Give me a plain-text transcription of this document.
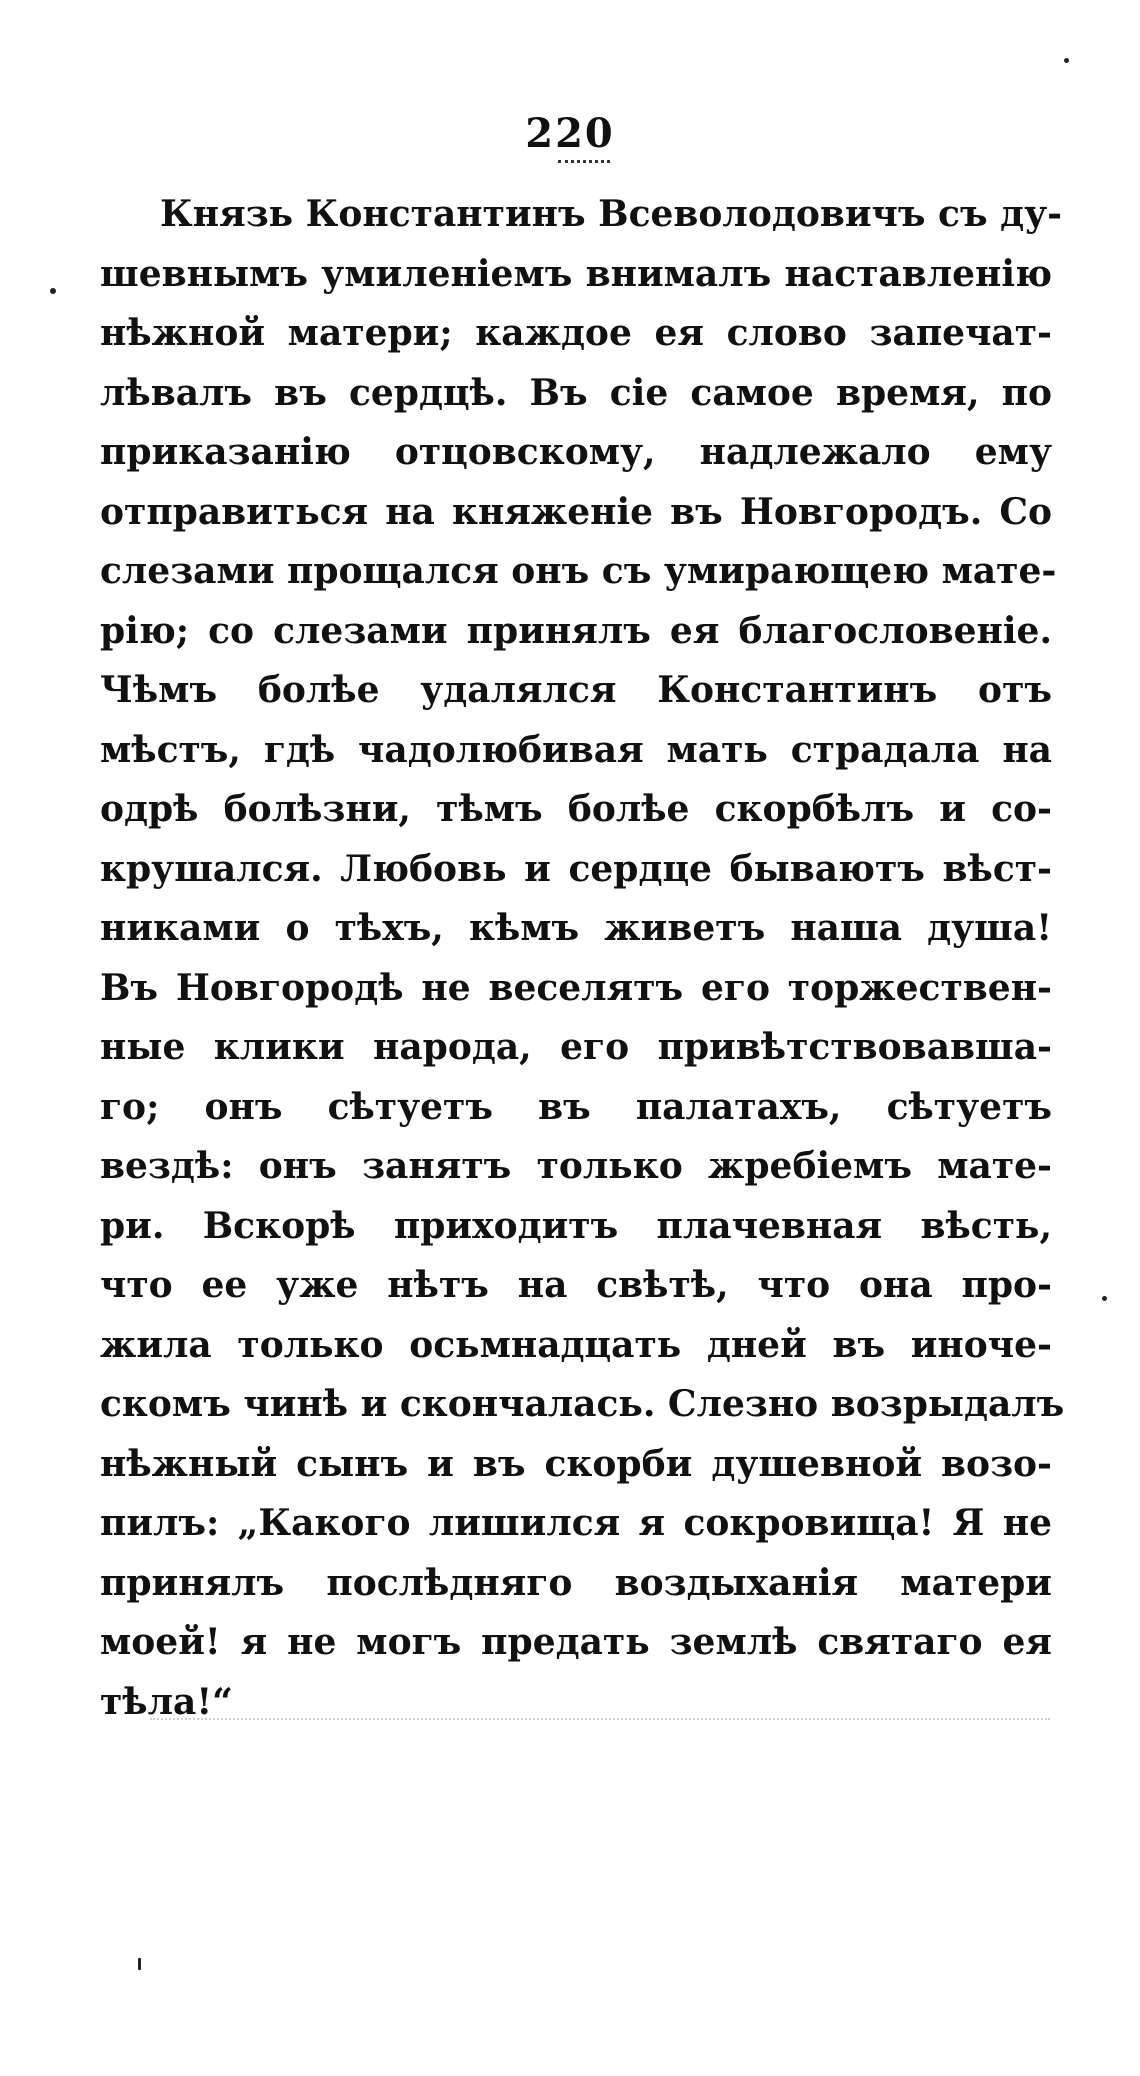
220
Князь Константинъ Всеволодовичъ съ ду-
шевнымъ умиленіемъ внималъ наставленію
нѣжной матери; каждое ея слово запечат-
лѣвалъ въ сердцѣ. Въ сіе самое время, по
приказанію отцовскому, надлежало ему
отправиться на княженіе въ Новгородъ. Со
слезами прощался онъ съ умирающею мате-
рію; со слезами принялъ ея благословеніе.
Чѣмъ болѣе удалялся Константинъ отъ
мѣстъ, гдѣ чадолюбивая мать страдала на
одрѣ болѣзни, тѣмъ болѣе скорбѣлъ и со-
крушался. Любовь и сердце бываютъ вѣст-
никами о тѣхъ, кѣмъ живетъ наша душа!
Въ Новгородѣ не веселятъ его торжествен-
ные клики народа, его привѣтствовавша-
го; онъ сѣтуетъ въ палатахъ, сѣтуетъ
вездѣ: онъ занятъ только жребіемъ мате-
ри. Вскорѣ приходитъ плачевная вѣсть,
что ее уже нѣтъ на свѣтѣ, что она про-
жила только осьмнадцать дней въ иноче-
скомъ чинѣ и скончалась. Слезно возрыдалъ
нѣжный сынъ и въ скорби душевной возо-
пилъ: „Какого лишился я сокровища! Я не
принялъ послѣдняго воздыханія матери
моей! я не могъ предать землѣ святаго ея
тѣла!“
